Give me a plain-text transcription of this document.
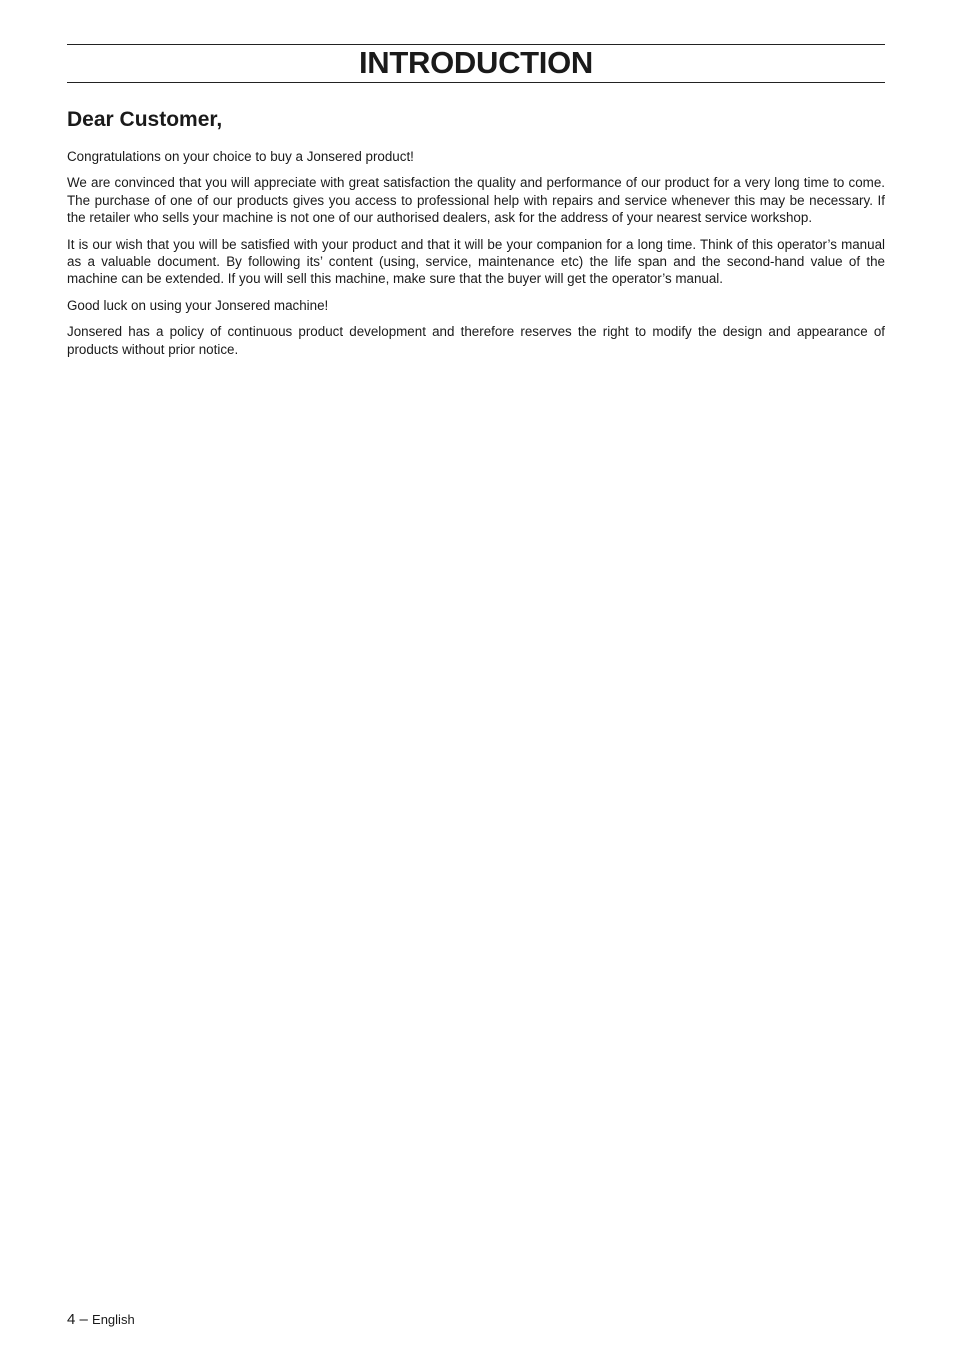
INTRODUCTION
Dear Customer,

Congratulations on your choice to buy a Jonsered product!

We are convinced that you will appreciate with great satisfaction the quality and performance of our product for a very long time to come. The purchase of one of our products gives you access to professional help with repairs and service whenever this may be necessary. If the retailer who sells your machine is not one of our authorised dealers, ask for the address of your nearest service workshop.

It is our wish that you will be satisfied with your product and that it will be your companion for a long time. Think of this operator’s manual as a valuable document. By following its’ content (using, service, maintenance etc) the life span and the second-hand value of the machine can be extended. If you will sell this machine, make sure that the buyer will get the operator’s manual.

Good luck on using your Jonsered machine!

Jonsered has a policy of continuous product development and therefore reserves the right to modify the design and appearance of products without prior notice.

4 – English
